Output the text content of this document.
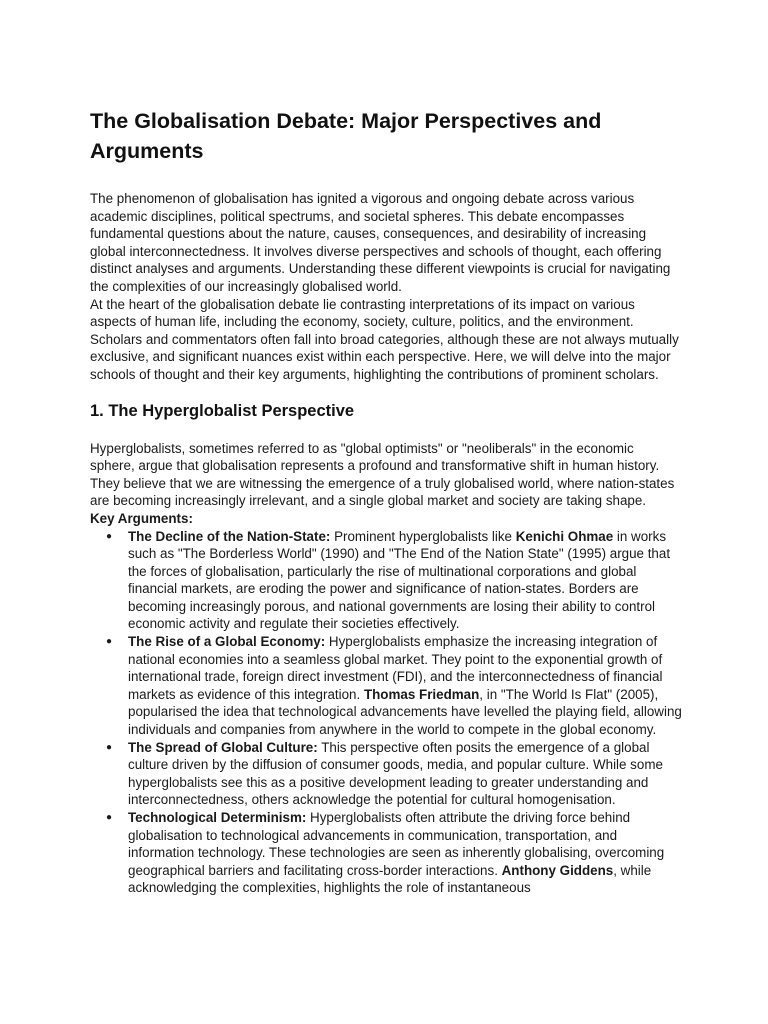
The Globalisation Debate: Major Perspectives and Arguments

The phenomenon of globalisation has ignited a vigorous and ongoing debate across various academic disciplines, political spectrums, and societal spheres. This debate encompasses fundamental questions about the nature, causes, consequences, and desirability of increasing global interconnectedness. It involves diverse perspectives and schools of thought, each offering distinct analyses and arguments. Understanding these different viewpoints is crucial for navigating the complexities of our increasingly globalised world.

At the heart of the globalisation debate lie contrasting interpretations of its impact on various aspects of human life, including the economy, society, culture, politics, and the environment. Scholars and commentators often fall into broad categories, although these are not always mutually exclusive, and significant nuances exist within each perspective. Here, we will delve into the major schools of thought and their key arguments, highlighting the contributions of prominent scholars.

1. The Hyperglobalist Perspective

Hyperglobalists, sometimes referred to as "global optimists" or "neoliberals" in the economic sphere, argue that globalisation represents a profound and transformative shift in human history. They believe that we are witnessing the emergence of a truly globalised world, where nation-states are becoming increasingly irrelevant, and a single global market and society are taking shape.

Key Arguments:
● The Decline of the Nation-State: Prominent hyperglobalists like Kenichi Ohmae in works such as "The Borderless World" (1990) and "The End of the Nation State" (1995) argue that the forces of globalisation, particularly the rise of multinational corporations and global financial markets, are eroding the power and significance of nation-states. Borders are becoming increasingly porous, and national governments are losing their ability to control economic activity and regulate their societies effectively.
● The Rise of a Global Economy: Hyperglobalists emphasize the increasing integration of national economies into a seamless global market. They point to the exponential growth of international trade, foreign direct investment (FDI), and the interconnectedness of financial markets as evidence of this integration. Thomas Friedman, in "The World Is Flat" (2005), popularised the idea that technological advancements have levelled the playing field, allowing individuals and companies from anywhere in the world to compete in the global economy.
● The Spread of Global Culture: This perspective often posits the emergence of a global culture driven by the diffusion of consumer goods, media, and popular culture. While some hyperglobalists see this as a positive development leading to greater understanding and interconnectedness, others acknowledge the potential for cultural homogenisation.
● Technological Determinism: Hyperglobalists often attribute the driving force behind globalisation to technological advancements in communication, transportation, and information technology. These technologies are seen as inherently globalising, overcoming geographical barriers and facilitating cross-border interactions. Anthony Giddens, while acknowledging the complexities, highlights the role of instantaneous
